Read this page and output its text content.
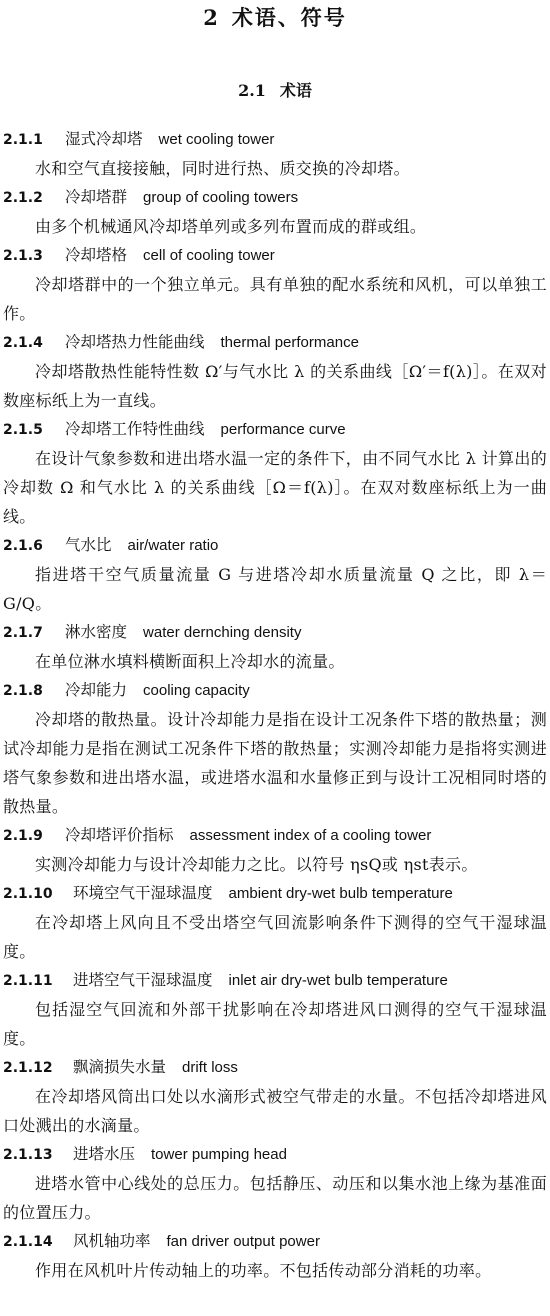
2 术语、符号
2.1 术语
2.1.1 湿式冷却塔 wet cooling tower

水和空气直接接触，同时进行热、质交换的冷却塔。

2.1.2 冷却塔群 group of cooling towers

由多个机械通风冷却塔单列或多列布置而成的群或组。

2.1.3 冷却塔格 cell of cooling tower

冷却塔群中的一个独立单元。具有单独的配水系统和风机，可以单独工作。

2.1.4 冷却塔热力性能曲线 thermal performance

冷却塔散热性能特性数 Ω′与气水比 λ 的关系曲线［Ω′＝f(λ)］。在双对数座标纸上为一直线。

2.1.5 冷却塔工作特性曲线 performance curve

在设计气象参数和进出塔水温一定的条件下，由不同气水比 λ 计算出的冷却数 Ω 和气水比 λ 的关系曲线［Ω＝f(λ)］。在双对数座标纸上为一曲线。

2.1.6 气水比 air/water ratio

指进塔干空气质量流量 G 与进塔冷却水质量流量 Q 之比，即 λ＝G/Q。

2.1.7 淋水密度 water dernching density

在单位淋水填料横断面积上冷却水的流量。

2.1.8 冷却能力 cooling capacity

冷却塔的散热量。设计冷却能力是指在设计工况条件下塔的散热量；测试冷却能力是指在测试工况条件下塔的散热量；实测冷却能力是指将实测进塔气象参数和进出塔水温，或进塔水温和水量修正到与设计工况相同时塔的散热量。

2.1.9 冷却塔评价指标 assessment index of a cooling tower

实测冷却能力与设计冷却能力之比。以符号 ηsQ或 ηst表示。

2.1.10 环境空气干湿球温度 ambient dry-wet bulb temperature

在冷却塔上风向且不受出塔空气回流影响条件下测得的空气干湿球温度。

2.1.11 进塔空气干湿球温度 inlet air dry-wet bulb temperature

包括湿空气回流和外部干扰影响在冷却塔进风口测得的空气干湿球温度。

2.1.12 飘滴损失水量 drift loss

在冷却塔风筒出口处以水滴形式被空气带走的水量。不包括冷却塔进风口处溅出的水滴量。

2.1.13 进塔水压 tower pumping head

进塔水管中心线处的总压力。包括静压、动压和以集水池上缘为基准面的位置压力。

2.1.14 风机轴功率 fan driver output power

作用在风机叶片传动轴上的功率。不包括传动部分消耗的功率。
